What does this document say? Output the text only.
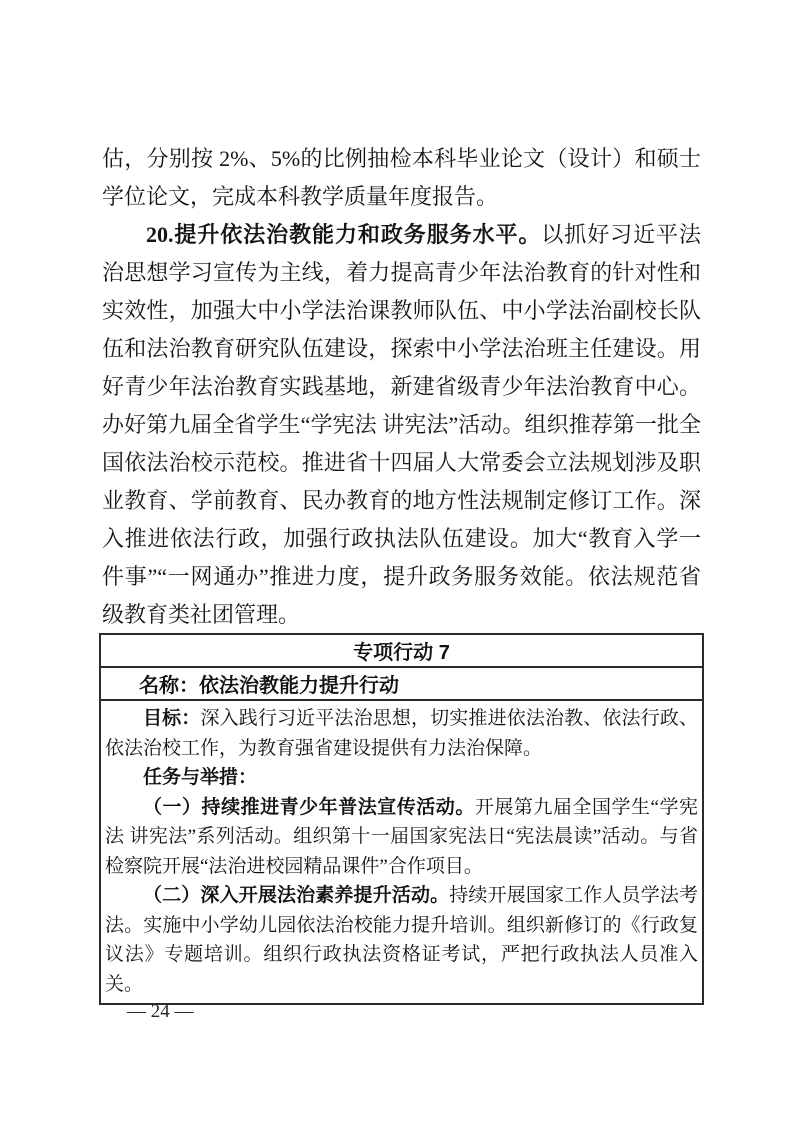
估，分别按 2%、5%的比例抽检本科毕业论文（设计）和硕士学位论文，完成本科教学质量年度报告。

20.提升依法治教能力和政务服务水平。以抓好习近平法治思想学习宣传为主线，着力提高青少年法治教育的针对性和实效性，加强大中小学法治课教师队伍、中小学法治副校长队伍和法治教育研究队伍建设，探索中小学法治班主任建设。用好青少年法治教育实践基地，新建省级青少年法治教育中心。办好第九届全省学生“学宪法 讲宪法”活动。组织推荐第一批全国依法治校示范校。推进省十四届人大常委会立法规划涉及职业教育、学前教育、民办教育的地方性法规制定修订工作。深入推进依法行政，加强行政执法队伍建设。加大“教育入学一件事”“一网通办”推进力度，提升政务服务效能。依法规范省级教育类社团管理。

专项行动 7
名称：依法治教能力提升行动

目标：深入践行习近平法治思想，切实推进依法治教、依法行政、依法治校工作，为教育强省建设提供有力法治保障。

任务与举措：

（一）持续推进青少年普法宣传活动。开展第九届全国学生“学宪法 讲宪法”系列活动。组织第十一届国家宪法日“宪法晨读”活动。与省检察院开展“法治进校园精品课件”合作项目。

（二）深入开展法治素养提升活动。持续开展国家工作人员学法考法。实施中小学幼儿园依法治校能力提升培训。组织新修订的《行政复议法》专题培训。组织行政执法资格证考试，严把行政执法人员准入关。

— 24 —
